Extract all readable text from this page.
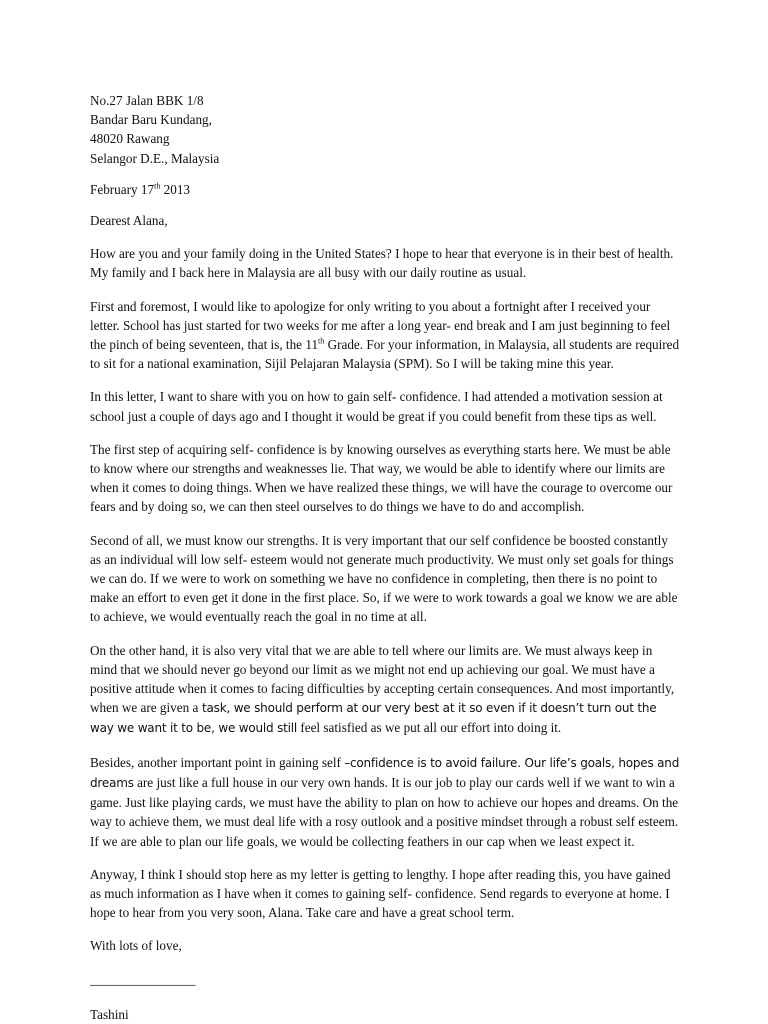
No.27 Jalan BBK 1/8
Bandar Baru Kundang,
48020 Rawang
Selangor D.E., Malaysia
February 17th 2013
Dearest Alana,

How are you and your family doing in the United States? I hope to hear that everyone is in their best of health. My family and I back here in Malaysia are all busy with our daily routine as usual.

First and foremost, I would like to apologize for only writing to you about a fortnight after I received your letter. School has just started for two weeks for me after a long year- end break and I am just beginning to feel the pinch of being seventeen, that is, the 11th Grade. For your information, in Malaysia, all students are required to sit for a national examination, Sijil Pelajaran Malaysia (SPM). So I will be taking mine this year.

In this letter, I want to share with you on how to gain self- confidence. I had attended a motivation session at school just a couple of days ago and I thought it would be great if you could benefit from these tips as well.

The first step of acquiring self- confidence is by knowing ourselves as everything starts here. We must be able to know where our strengths and weaknesses lie. That way, we would be able to identify where our limits are when it comes to doing things. When we have realized these things, we will have the courage to overcome our fears and by doing so, we can then steel ourselves to do things we have to do and accomplish.

Second of all, we must know our strengths. It is very important that our self confidence be boosted constantly as an individual will low self- esteem would not generate much productivity. We must only set goals for things we can do. If we were to work on something we have no confidence in completing, then there is no point to make an effort to even get it done in the first place. So, if we were to work towards a goal we know we are able to achieve, we would eventually reach the goal in no time at all.

On the other hand, it is also very vital that we are able to tell where our limits are. We must always keep in mind that we should never go beyond our limit as we might not end up achieving our goal. We must have a positive attitude when it comes to facing difficulties by accepting certain consequences. And most importantly, when we are given a task, we should perform at our very best at it so even if it doesn’t turn out the way we want it to be, we would still feel satisfied as we put all our effort into doing it.

Besides, another important point in gaining self –confidence is to avoid failure. Our life’s goals, hopes and dreams are just like a full house in our very own hands. It is our job to play our cards well if we want to win a game. Just like playing cards, we must have the ability to plan on how to achieve our hopes and dreams. On the way to achieve them, we must deal life with a rosy outlook and a positive mindset through a robust self esteem. If we are able to plan our life goals, we would be collecting feathers in our cap when we least expect it.

Anyway, I think I should stop here as my letter is getting to lengthy. I hope after reading this, you have gained as much information as I have when it comes to gaining self- confidence. Send regards to everyone at home. I hope to hear from you very soon, Alana. Take care and have a great school term.

With lots of love,
________________
Tashini
